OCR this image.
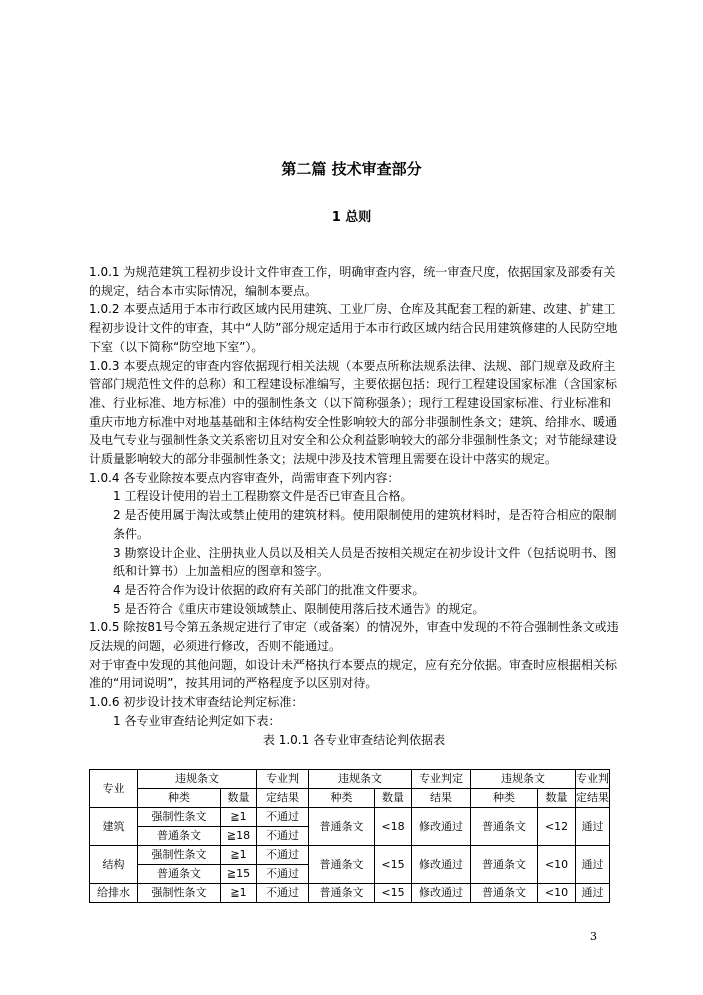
第二篇 技术审查部分
1 总则

1.0.1 为规范建筑工程初步设计文件审查工作，明确审查内容，统一审查尺度，依据国家及部委有关的规定，结合本市实际情况，编制本要点。

1.0.2 本要点适用于本市行政区域内民用建筑、工业厂房、仓库及其配套工程的新建、改建、扩建工程初步设计文件的审查，其中“人防”部分规定适用于本市行政区域内结合民用建筑修建的人民防空地下室（以下简称“防空地下室”）。

1.0.3 本要点规定的审查内容依据现行相关法规（本要点所称法规系法律、法规、部门规章及政府主管部门规范性文件的总称）和工程建设标准编写，主要依据包括：现行工程建设国家标准（含国家标准、行业标准、地方标准）中的强制性条文（以下简称强条）；现行工程建设国家标准、行业标准和重庆市地方标准中对地基基础和主体结构安全性影响较大的部分非强制性条文；建筑、给排水、暖通及电气专业与强制性条文关系密切且对安全和公众利益影响较大的部分非强制性条文；对节能绿建设计质量影响较大的部分非强制性条文；法规中涉及技术管理且需要在设计中落实的规定。

1.0.4 各专业除按本要点内容审查外，尚需审查下列内容：

1 工程设计使用的岩土工程勘察文件是否已审查且合格。

2 是否使用属于淘汰或禁止使用的建筑材料。使用限制使用的建筑材料时，是否符合相应的限制条件。

3 勘察设计企业、注册执业人员以及相关人员是否按相关规定在初步设计文件（包括说明书、图纸和计算书）上加盖相应的图章和签字。

4 是否符合作为设计依据的政府有关部门的批准文件要求。

5 是否符合《重庆市建设领域禁止、限制使用落后技术通告》的规定。

1.0.5 除按81号令第五条规定进行了审定（或备案）的情况外，审查中发现的不符合强制性条文或违反法规的问题，必须进行修改，否则不能通过。

对于审查中发现的其他问题，如设计未严格执行本要点的规定，应有充分依据。审查时应根据相关标准的“用词说明”，按其用词的严格程度予以区别对待。

1.0.6 初步设计技术审查结论判定标准：

1 各专业审查结论判定如下表：

表 1.0.1 各专业审查结论判依据表

专业	违规条文		专业判	违规条文		专业判定	违规条文		专业判
	种类	数量	定结果	种类	数量	结果	种类	数量	定结果
建筑	强制性条文	≧1	不通过	普通条文	<18	修改通过	普通条文	<12	通过
	普通条文	≧18	不通过						
结构	强制性条文	≧1	不通过	普通条文	<15	修改通过	普通条文	<10	通过
	普通条文	≧15	不通过						
给排水	强制性条文	≧1	不通过	普通条文	<15	修改通过	普通条文	<10	通过
3
